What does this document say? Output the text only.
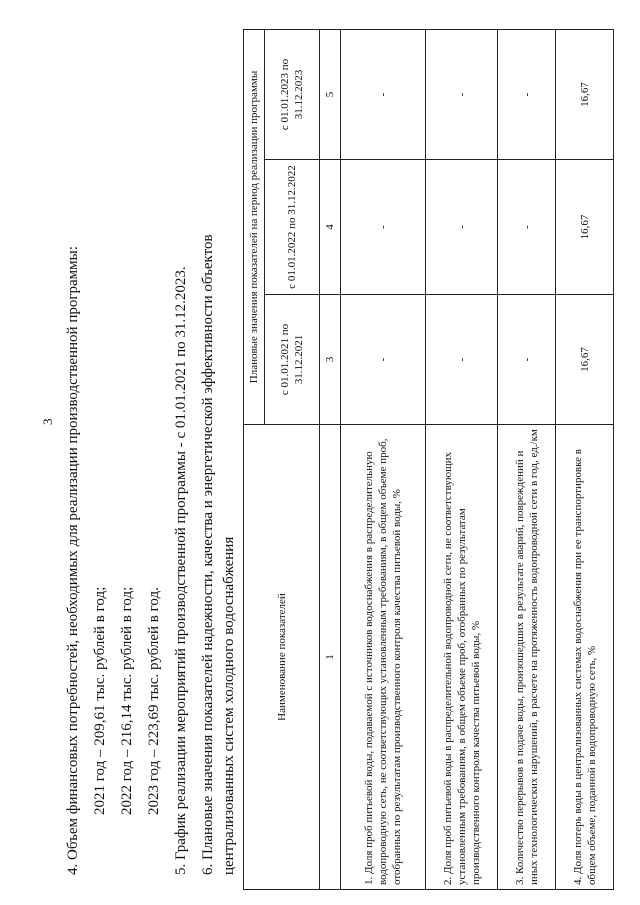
3 4. Объем финансовых потребностей, необходимых для реализации производственной программы: 2021 год – 209,61 тыс. рублей в год; 2022 год – 216,14 тыс. рублей в год; 2023 год – 223,69 тыс. рублей в год. 5. График реализации мероприятий производственной программы - с 01.01.2021 по 31.12.2023. 6. Плановые значения показателей надежности, качества и энергетической эффективности объектов централизованных систем холодного водоснабжения	Наименование показателей	Плановые значения показателей на период реализации программы		
	с 01.01.2021 по 31.12.2021	с 01.01.2022 по 31.12.2022	с 01.01.2023 по 31.12.2023
1	3	4	5
1. Доля проб питьевой воды, подаваемой с источников водоснабжения в распределительную водопроводную сеть, не соответствующих установленным требованиям, в общем объеме проб, отобранных по результатам производственного контроля качества питьевой воды, %	-	-	-
2. Доля проб питьевой воды в распределительной водопроводной сети, не соответствующих установленным требованиям, в общем объеме проб, отобранных по результатам производственного контроля качества питьевой воды, %	-	-	-
3. Количество перерывов в подаче воды, произошедших в результате аварий, повреждений и иных технологических нарушений, в расчете на протяженность водопроводной сети в год, ед./км	-	-	-
4. Доля потерь воды в централизованных системах водоснабжения при ее транспортировке в общем объеме, поданной в водопроводную сеть, %	16,67	16,67	16,67
